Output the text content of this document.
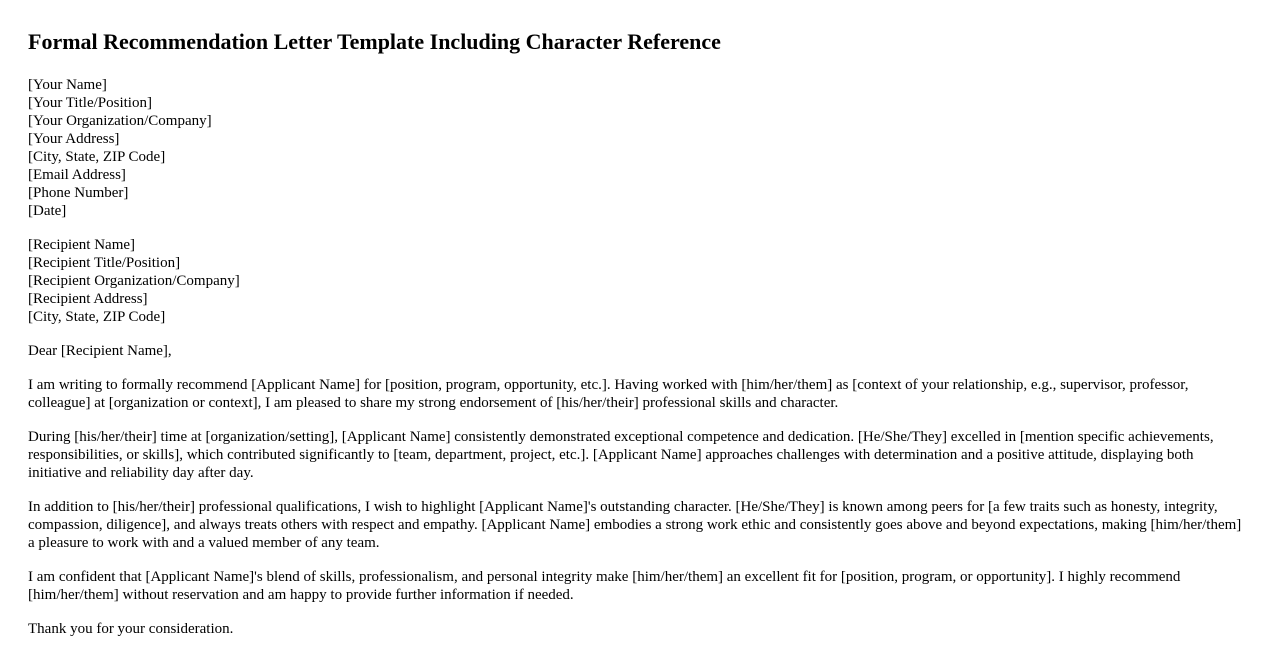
Formal Recommendation Letter Template Including Character Reference
[Your Name]
[Your Title/Position]
[Your Organization/Company]
[Your Address]
[City, State, ZIP Code]
[Email Address]
[Phone Number]
[Date]
[Recipient Name]
[Recipient Title/Position]
[Recipient Organization/Company]
[Recipient Address]
[City, State, ZIP Code]

Dear [Recipient Name],

I am writing to formally recommend [Applicant Name] for [position, program, opportunity, etc.]. Having worked with [him/her/them] as [context of your relationship, e.g., supervisor, professor, colleague] at [organization or context], I am pleased to share my strong endorsement of [his/her/their] professional skills and character.

During [his/her/their] time at [organization/setting], [Applicant Name] consistently demonstrated exceptional competence and dedication. [He/She/They] excelled in [mention specific achievements, responsibilities, or skills], which contributed significantly to [team, department, project, etc.]. [Applicant Name] approaches challenges with determination and a positive attitude, displaying both initiative and reliability day after day.

In addition to [his/her/their] professional qualifications, I wish to highlight [Applicant Name]'s outstanding character. [He/She/They] is known among peers for [a few traits such as honesty, integrity, compassion, diligence], and always treats others with respect and empathy. [Applicant Name] embodies a strong work ethic and consistently goes above and beyond expectations, making [him/her/them] a pleasure to work with and a valued member of any team.

I am confident that [Applicant Name]'s blend of skills, professionalism, and personal integrity make [him/her/them] an excellent fit for [position, program, or opportunity]. I highly recommend [him/her/them] without reservation and am happy to provide further information if needed.

Thank you for your consideration.
